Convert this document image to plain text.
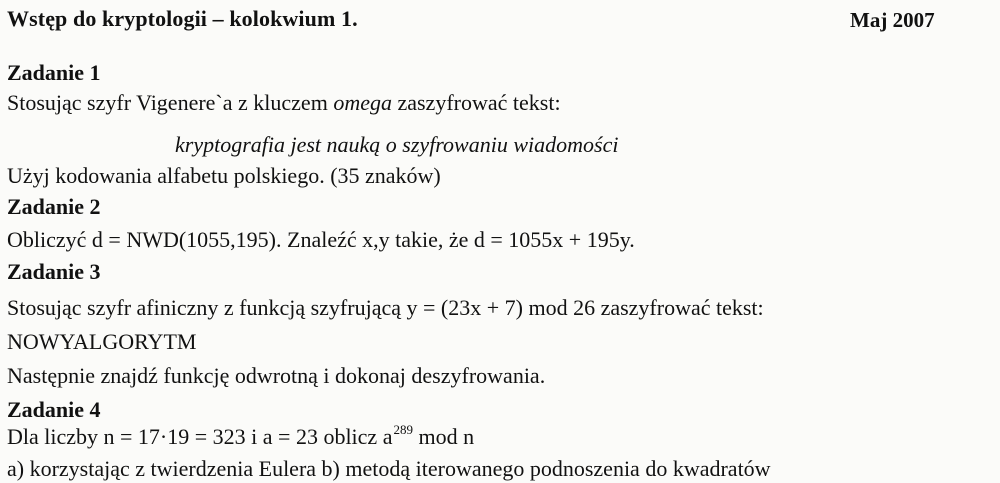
Wstęp do kryptologii – kolokwium 1.	Maj 2007
Zadanie 1
Stosując szyfr Vigenere`a z kluczem omega zaszyfrować tekst:
kryptografia jest nauką o szyfrowaniu wiadomości
Użyj kodowania alfabetu polskiego. (35 znaków)
Zadanie 2
Obliczyć d = NWD(1055,195). Znaleźć x,y takie, że d = 1055x + 195y.
Zadanie 3
Stosując szyfr afiniczny z funkcją szyfrującą y = (23x + 7) mod 26 zaszyfrować tekst:
NOWYALGORYTM
Następnie znajdź funkcję odwrotną i dokonaj deszyfrowania.
Zadanie 4
Dla liczby n = 17·19 = 323 i a = 23 oblicz $a^{289}$ mod n
a) korzystając z twierdzenia Eulera b) metodą iterowanego podnoszenia do kwadratów
